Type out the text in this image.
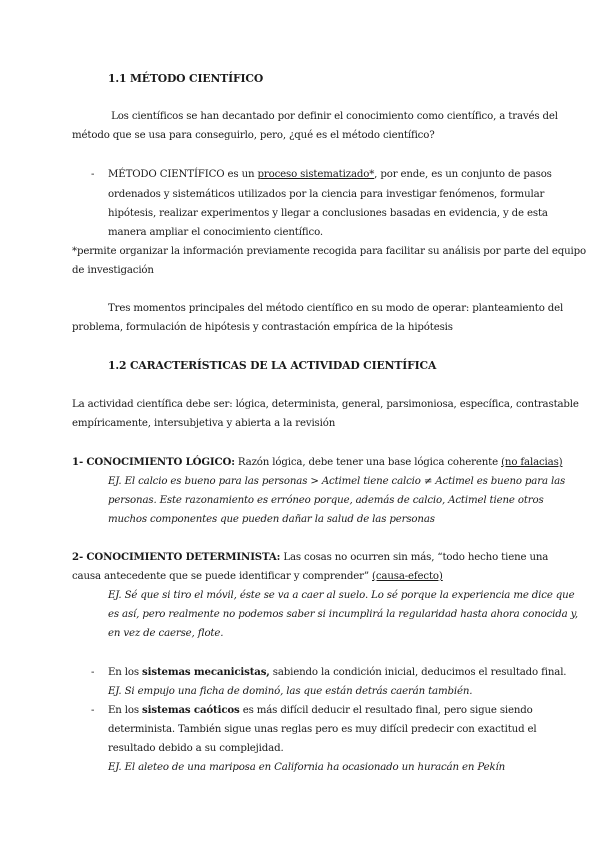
1.1 MÉTODO CIENTÍFICO
Los científicos se han decantado por definir el conocimiento como científico, a través del
método que se usa para conseguirlo, pero, ¿qué es el método científico?
- MÉTODO CIENTÍFICO es un proceso sistematizado*, por ende, es un conjunto de pasos
ordenados y sistemáticos utilizados por la ciencia para investigar fenómenos, formular
hipótesis, realizar experimentos y llegar a conclusiones basadas en evidencia, y de esta
manera ampliar el conocimiento científico.
*permite organizar la información previamente recogida para facilitar su análisis por parte del equipo
de investigación
Tres momentos principales del método científico en su modo de operar: planteamiento del
problema, formulación de hipótesis y contrastación empírica de la hipótesis
1.2 CARACTERÍSTICAS DE LA ACTIVIDAD CIENTÍFICA
La actividad científica debe ser: lógica, determinista, general, parsimoniosa, específica, contrastable
empíricamente, intersubjetiva y abierta a la revisión
1- CONOCIMIENTO LÓGICO: Razón lógica, debe tener una base lógica coherente (no falacias)
EJ. El calcio es bueno para las personas > Actimel tiene calcio ≠ Actimel es bueno para las
personas. Este razonamiento es erróneo porque, además de calcio, Actimel tiene otros
muchos componentes que pueden dañar la salud de las personas
2- CONOCIMIENTO DETERMINISTA: Las cosas no ocurren sin más, “todo hecho tiene una
causa antecedente que se puede identificar y comprender” (causa-efecto)
EJ. Sé que si tiro el móvil, éste se va a caer al suelo. Lo sé porque la experiencia me dice que
es así, pero realmente no podemos saber si incumplirá la regularidad hasta ahora conocida y,
en vez de caerse, flote.
- En los sistemas mecanicistas, sabiendo la condición inicial, deducimos el resultado final.
EJ. Si empujo una ficha de dominó, las que están detrás caerán también.
- En los sistemas caóticos es más difícil deducir el resultado final, pero sigue siendo
determinista. También sigue unas reglas pero es muy difícil predecir con exactitud el
resultado debido a su complejidad.
EJ. El aleteo de una mariposa en California ha ocasionado un huracán en Pekín
